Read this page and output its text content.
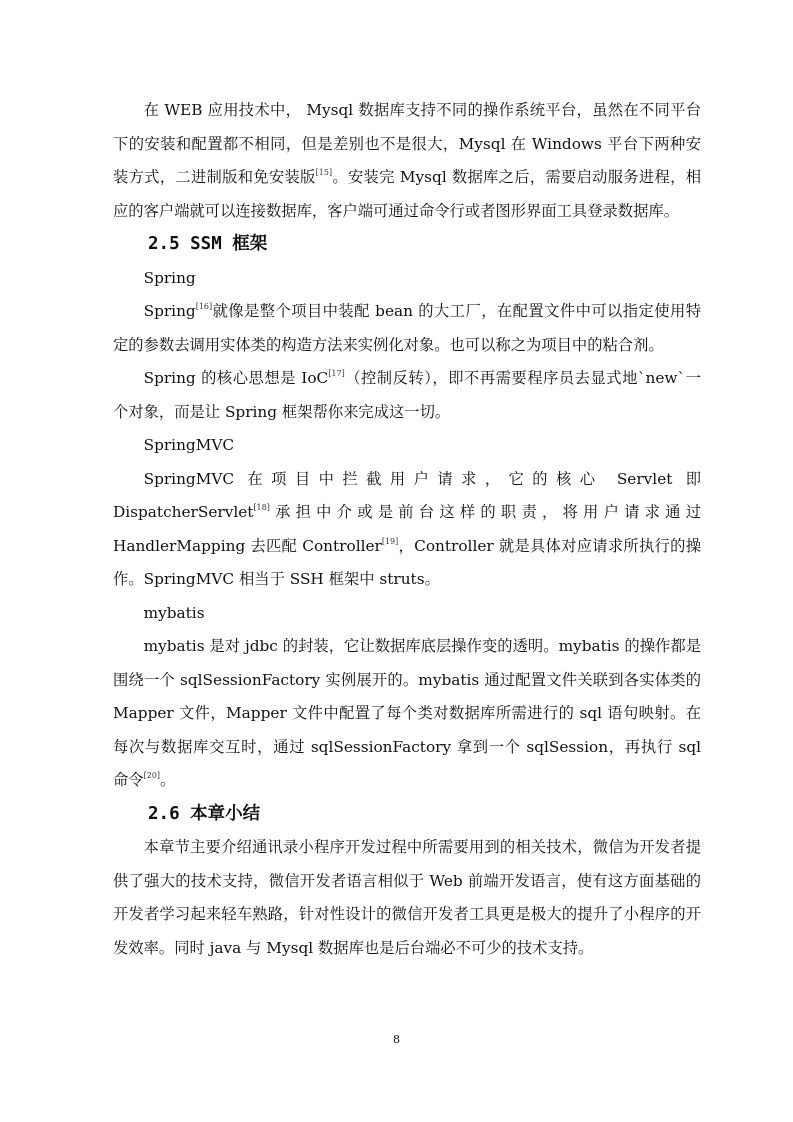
在 WEB 应用技术中， Mysql 数据库支持不同的操作系统平台，虽然在不同平台下的安装和配置都不相同，但是差别也不是很大，Mysql 在 Windows 平台下两种安装方式，二进制版和免安装版[15]。安装完 Mysql 数据库之后，需要启动服务进程，相应的客户端就可以连接数据库，客户端可通过命令行或者图形界面工具登录数据库。

2.5 SSM 框架

Spring

Spring[16]就像是整个项目中装配 bean 的大工厂，在配置文件中可以指定使用特定的参数去调用实体类的构造方法来实例化对象。也可以称之为项目中的粘合剂。

Spring 的核心思想是 IoC[17]（控制反转），即不再需要程序员去显式地`new`一个对象，而是让 Spring 框架帮你来完成这一切。

SpringMVC

SpringMVC 在项目中拦截用户请求，它的核心 Servlet 即 DispatcherServlet[18]承担中介或是前台这样的职责，将用户请求通过 HandlerMapping 去匹配 Controller[19]，Controller 就是具体对应请求所执行的操作。SpringMVC 相当于 SSH 框架中 struts。

mybatis

mybatis 是对 jdbc 的封装，它让数据库底层操作变的透明。mybatis 的操作都是围绕一个 sqlSessionFactory 实例展开的。mybatis 通过配置文件关联到各实体类的 Mapper 文件，Mapper 文件中配置了每个类对数据库所需进行的 sql 语句映射。在每次与数据库交互时，通过 sqlSessionFactory 拿到一个 sqlSession，再执行 sql 命令[20]。

2.6 本章小结

本章节主要介绍通讯录小程序开发过程中所需要用到的相关技术，微信为开发者提供了强大的技术支持，微信开发者语言相似于 Web 前端开发语言，使有这方面基础的开发者学习起来轻车熟路，针对性设计的微信开发者工具更是极大的提升了小程序的开发效率。同时 java 与 Mysql 数据库也是后台端必不可少的技术支持。

8
